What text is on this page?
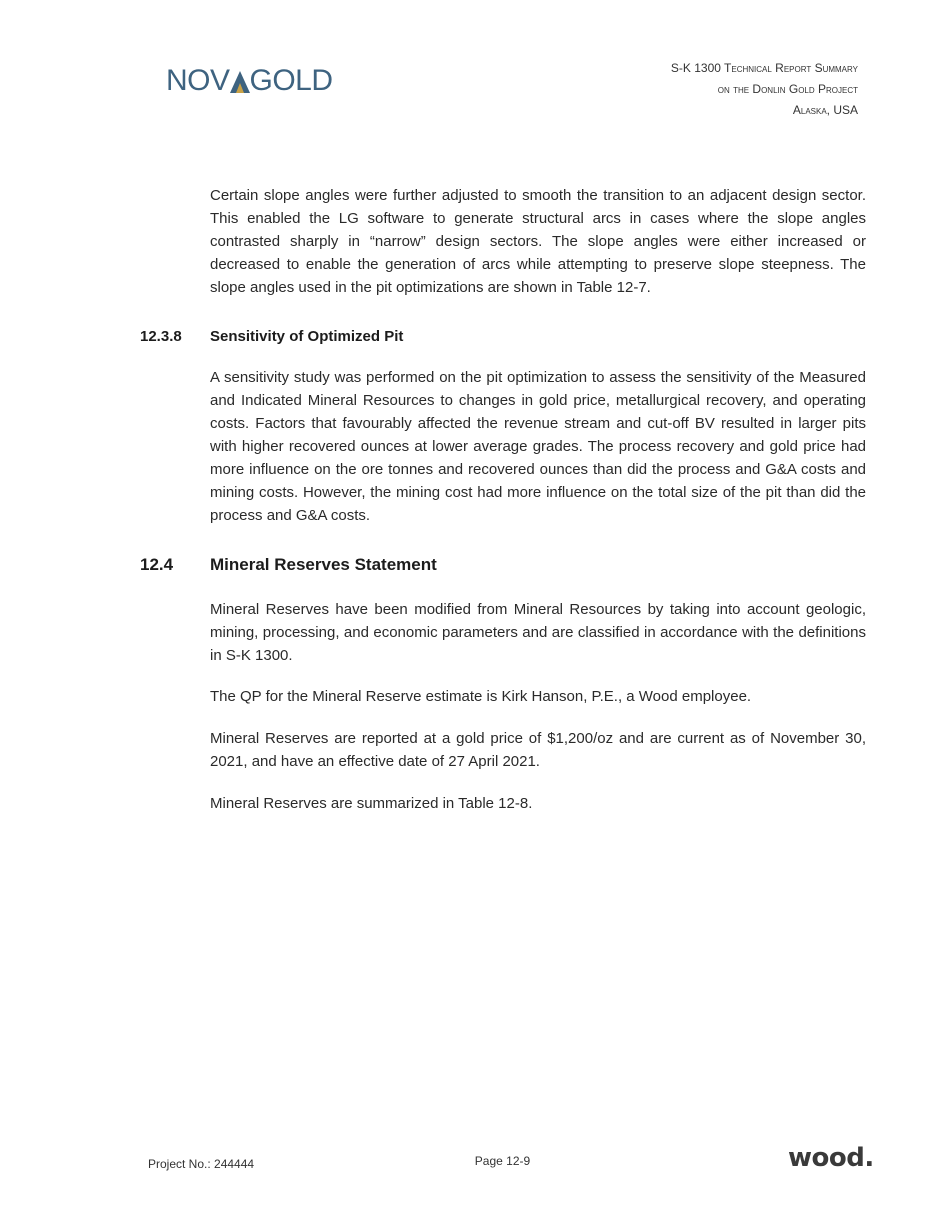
NOV GOLD	S-K 1300 Technical Report Summary
on the Donlin Gold Project
Alaska, USA

Certain slope angles were further adjusted to smooth the transition to an adjacent design sector. This enabled the LG software to generate structural arcs in cases where the slope angles contrasted sharply in “narrow” design sectors. The slope angles were either increased or decreased to enable the generation of arcs while attempting to preserve slope steepness. The slope angles used in the pit optimizations are shown in Table 12-7.

12.3.8 Sensitivity of Optimized Pit

A sensitivity study was performed on the pit optimization to assess the sensitivity of the Measured and Indicated Mineral Resources to changes in gold price, metallurgical recovery, and operating costs. Factors that favourably affected the revenue stream and cut-off BV resulted in larger pits with higher recovered ounces at lower average grades. The process recovery and gold price had more influence on the ore tonnes and recovered ounces than did the process and G&A costs and mining costs. However, the mining cost had more influence on the total size of the pit than did the process and G&A costs.

12.4 Mineral Reserves Statement

Mineral Reserves have been modified from Mineral Resources by taking into account geologic, mining, processing, and economic parameters and are classified in accordance with the definitions in S-K 1300.

The QP for the Mineral Reserve estimate is Kirk Hanson, P.E., a Wood employee.

Mineral Reserves are reported at a gold price of $1,200/oz and are current as of November 30, 2021, and have an effective date of 27 April 2021.

Mineral Reserves are summarized in Table 12-8.

Project No.: 244444	Page 12-9	wood.
